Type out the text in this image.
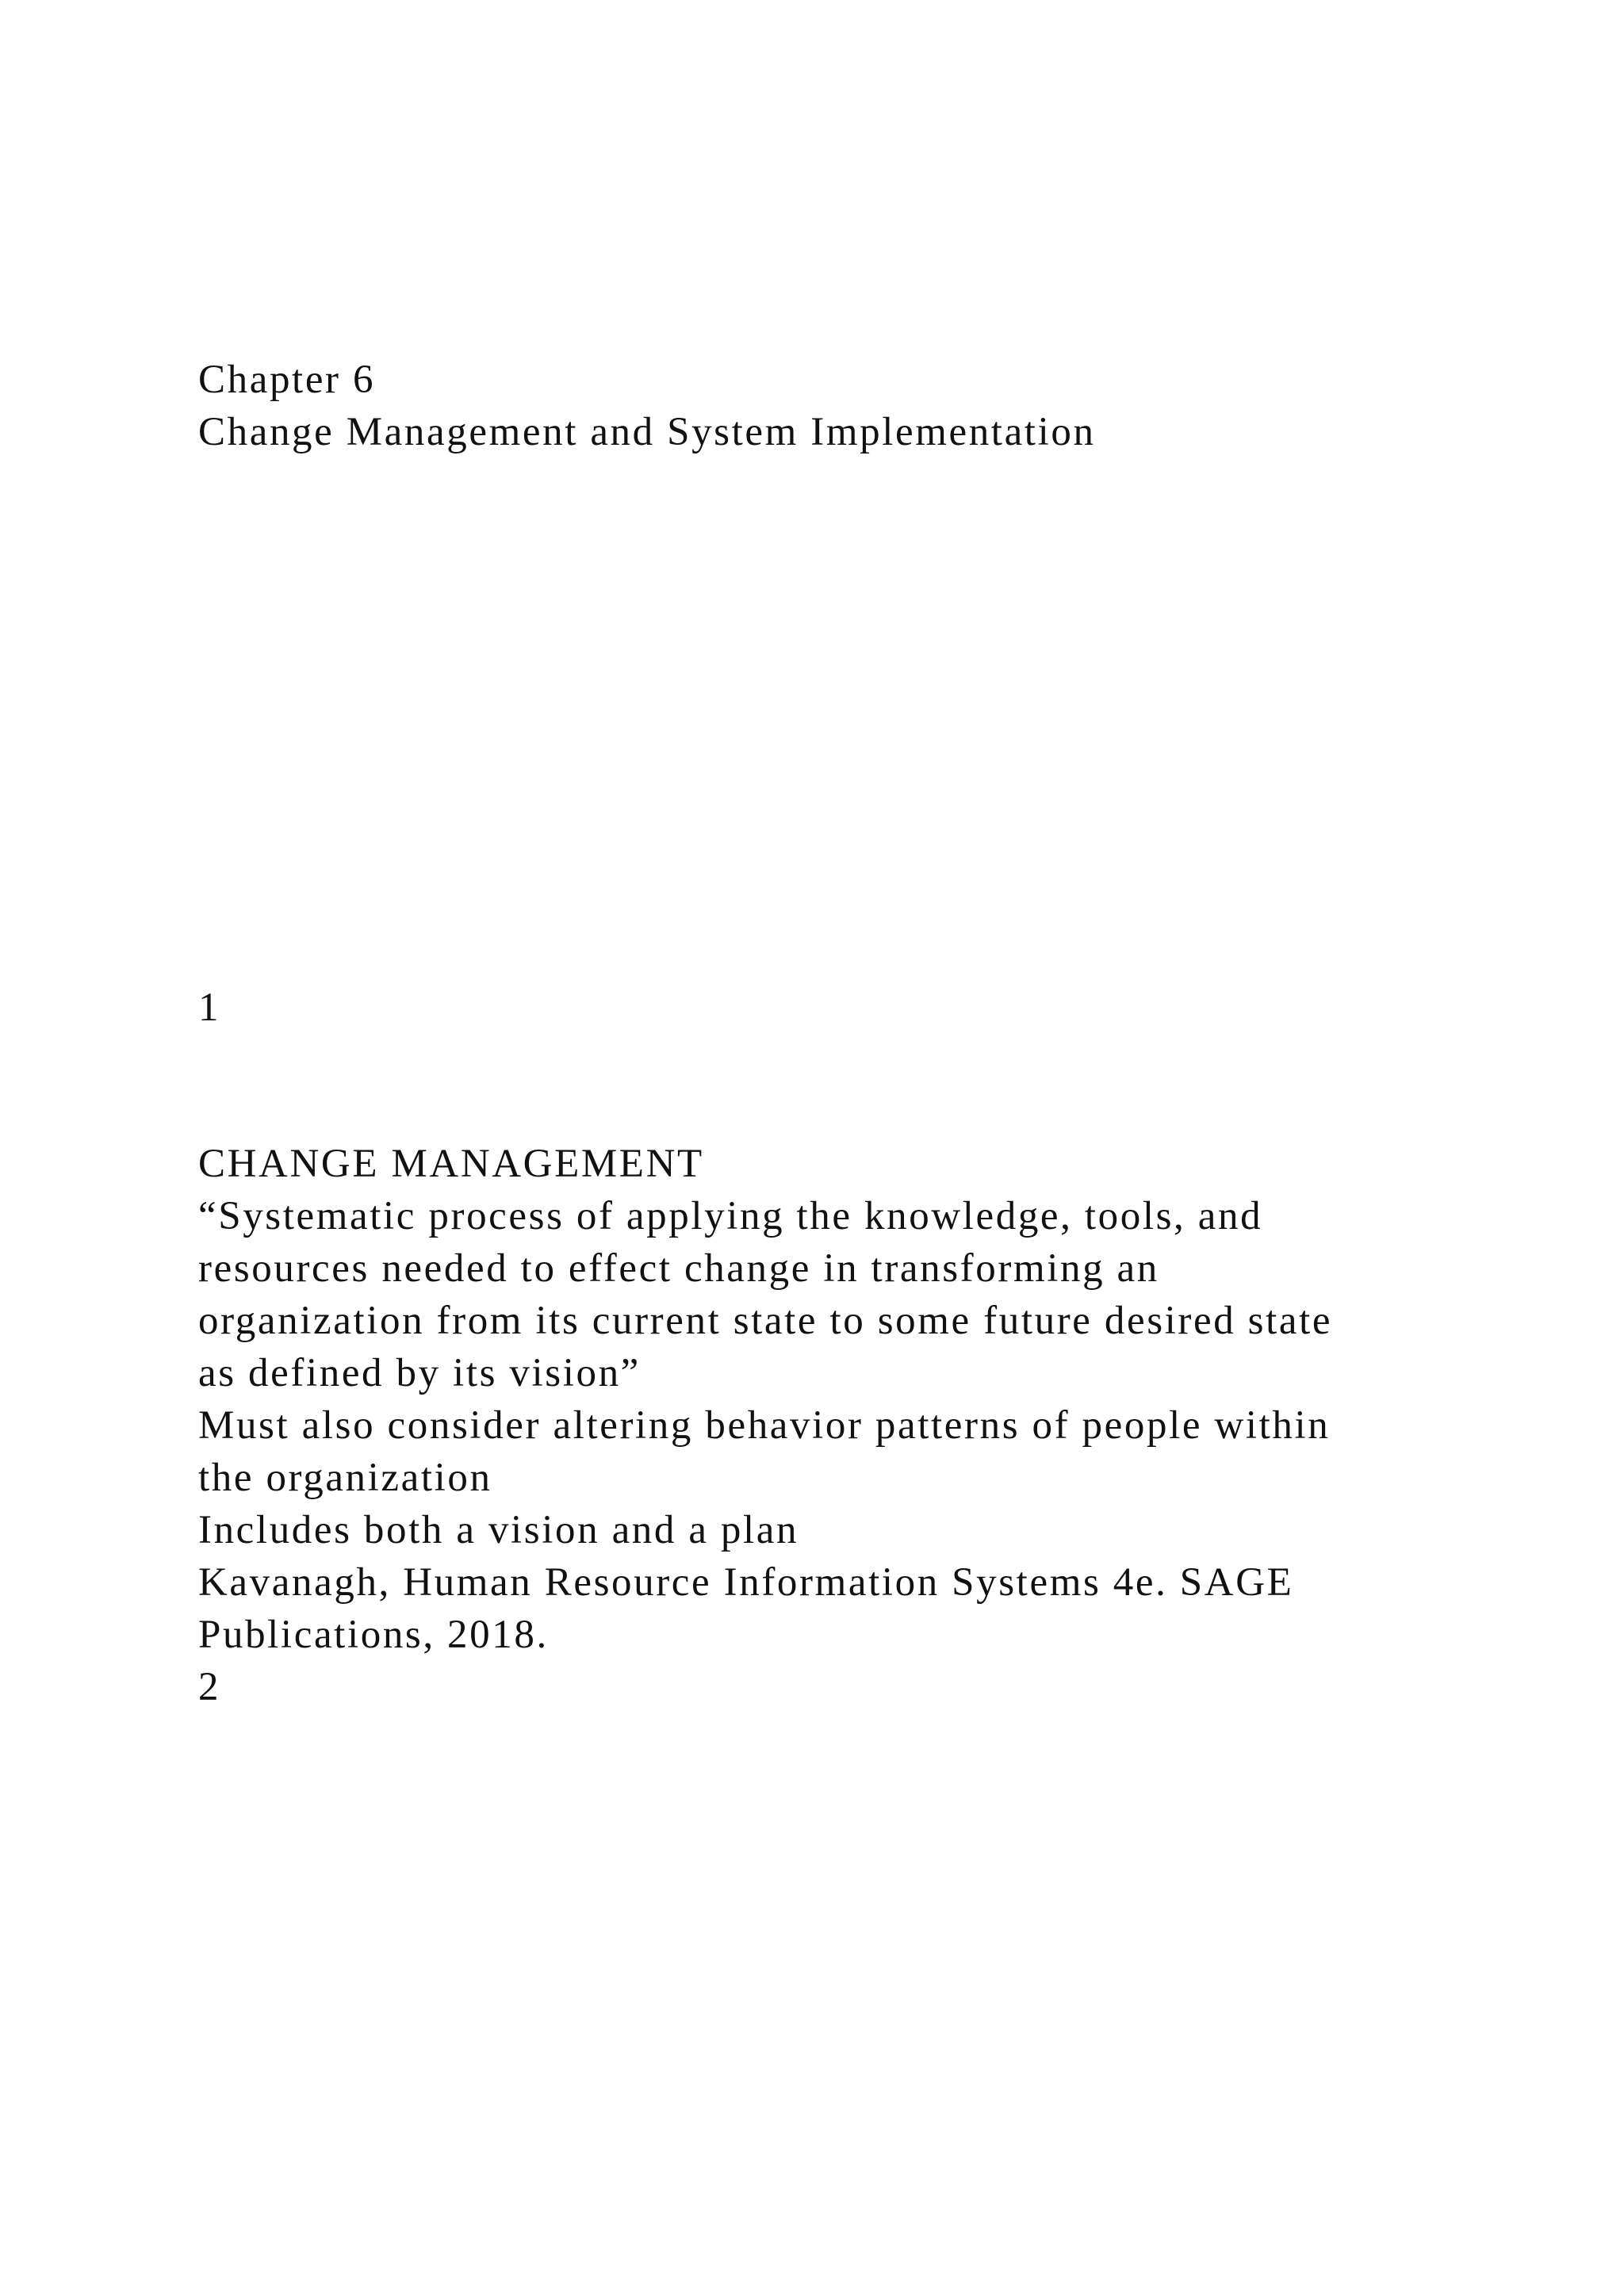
Chapter 6

Change Management and System Implementation

1

CHANGE MANAGEMENT
“Systematic process of applying the knowledge, tools, and
resources needed to effect change in transforming an
organization from its current state to some future desired state
as defined by its vision”
Must also consider altering behavior patterns of people within
the organization
Includes both a vision and a plan
Kavanagh, Human Resource Information Systems 4e. SAGE
Publications, 2018.
2
